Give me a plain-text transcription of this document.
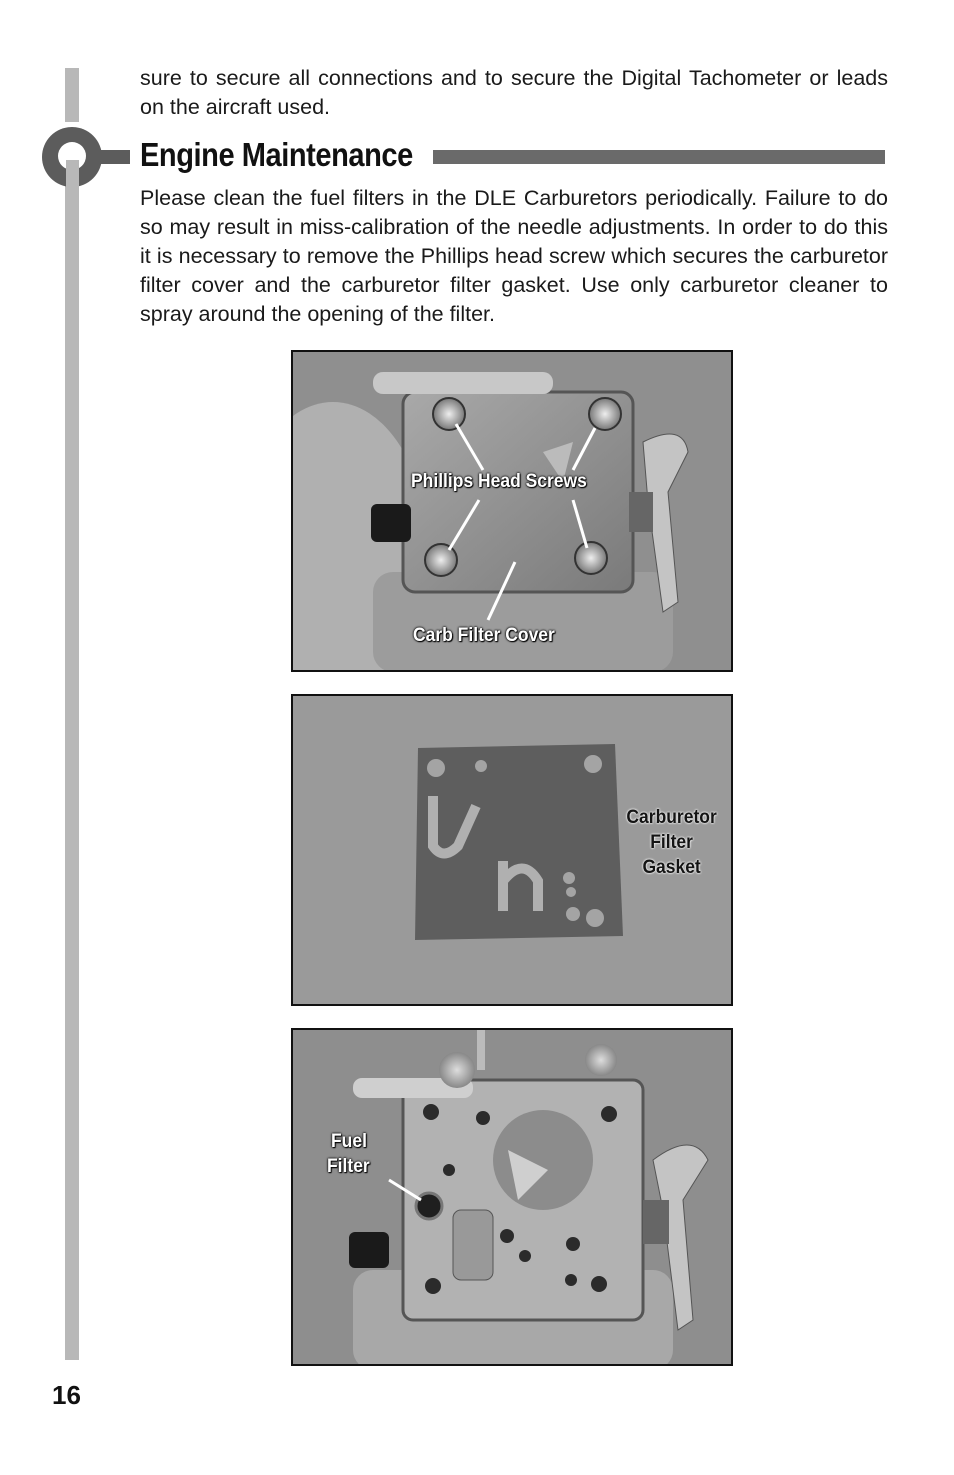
sure to secure all connections and to secure the Digital Tachometer or leads on the aircraft used.

Engine Maintenance

Please clean the fuel filters in the DLE Carburetors periodically. Failure to do so may result in miss-calibration of the needle adjustments. In order to do this it is necessary to remove the Phillips head screw which secures the carburetor filter cover and the carburetor filter gasket. Use only carburetor cleaner to spray around the opening of the filter.

Phillips Head Screws
Carb Filter Cover
Carburetor
Filter
Gasket
Fuel
Filter
16
